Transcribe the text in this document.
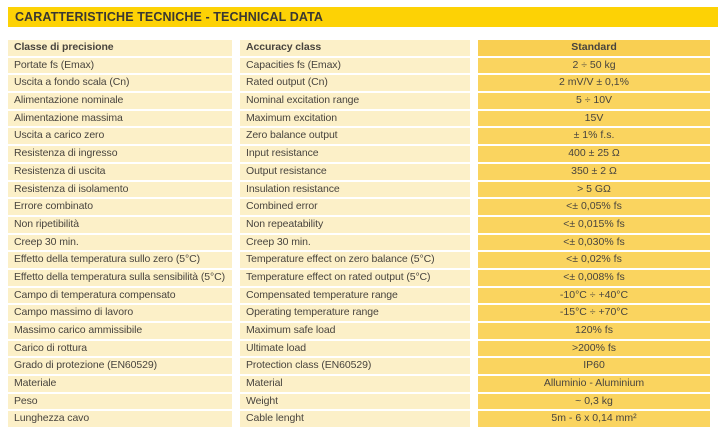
CARATTERISTICHE TECNICHE - TECHNICAL DATA
Classe di precisione	Accuracy class	Standard
Portate fs (Emax)	Capacities fs (Emax)	2 ÷ 50 kg
Uscita a fondo scala (Cn)	Rated output (Cn)	2 mV/V ± 0,1%
Alimentazione nominale	Nominal excitation range	5 ÷ 10V
Alimentazione massima	Maximum excitation	15V
Uscita a carico zero	Zero balance output	± 1% f.s.
Resistenza di ingresso	Input resistance	400 ± 25 Ω
Resistenza di uscita	Output resistance	350 ± 2 Ω
Resistenza di isolamento	Insulation resistance	> 5 GΩ
Errore combinato	Combined error	<± 0,05% fs
Non ripetibilità	Non repeatability	<± 0,015% fs
Creep 30 min.	Creep 30 min.	<± 0,030% fs
Effetto della temperatura sullo zero (5°C)	Temperature effect on zero balance (5°C)	<± 0,02% fs
Effetto della temperatura sulla sensibilità (5°C)	Temperature effect on rated output (5°C)	<± 0,008% fs
Campo di temperatura compensato	Compensated temperature range	-10°C ÷ +40°C
Campo massimo di lavoro	Operating temperature range	-15°C ÷ +70°C
Massimo carico ammissibile	Maximum safe load	120% fs
Carico di rottura	Ultimate load	>200% fs
Grado di protezione (EN60529)	Protection class (EN60529)	IP60
Materiale	Material	Alluminio - Aluminium
Peso	Weight	~ 0,3 kg
Lunghezza cavo	Cable lenght	5m - 6 x 0,14 mm²
